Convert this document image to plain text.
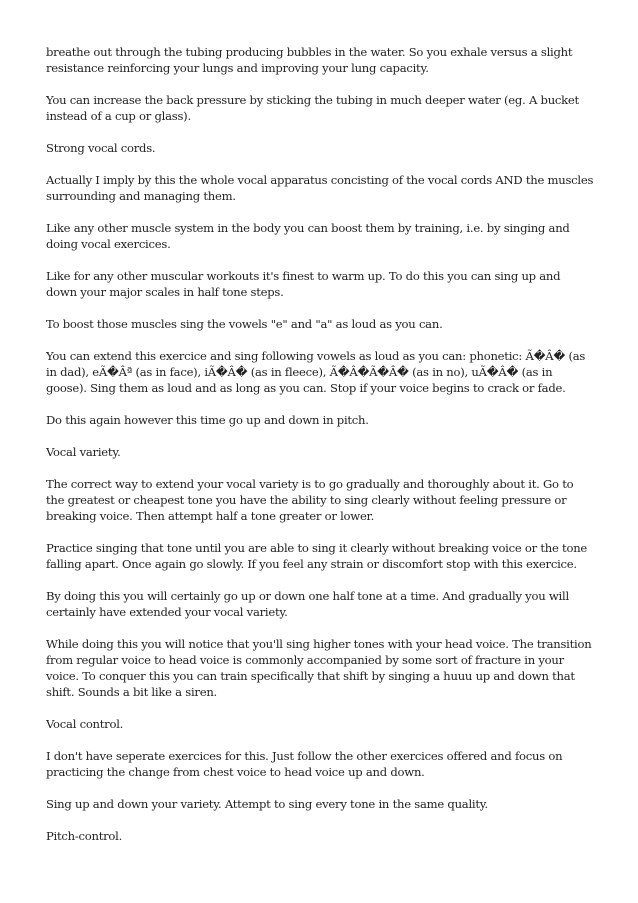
breathe out through the tubing producing bubbles in the water. So you exhale versus a slight resistance reinforcing your lungs and improving your lung capacity.

You can increase the back pressure by sticking the tubing in much deeper water (eg. A bucket instead of a cup or glass).

Strong vocal cords.

Actually I imply by this the whole vocal apparatus concisting of the vocal cords AND the muscles surrounding and managing them.

Like any other muscle system in the body you can boost them by training, i.e. by singing and doing vocal exercices.

Like for any other muscular workouts it's finest to warm up. To do this you can sing up and down your major scales in half tone steps.

To boost those muscles sing the vowels "e" and "a" as loud as you can.

You can extend this exercice and sing following vowels as loud as you can: phonetic: Ã�Â� (as in dad), eÃ�Âª (as in face), iÃ�Â� (as in fleece), Ã�Â�Ã�Â� (as in no), uÃ�Â� (as in goose). Sing them as loud and as long as you can. Stop if your voice begins to crack or fade.

Do this again however this time go up and down in pitch.

Vocal variety.

The correct way to extend your vocal variety is to go gradually and thoroughly about it. Go to the greatest or cheapest tone you have the ability to sing clearly without feeling pressure or breaking voice. Then attempt half a tone greater or lower.

Practice singing that tone until you are able to sing it clearly without breaking voice or the tone falling apart. Once again go slowly. If you feel any strain or discomfort stop with this exercice.

By doing this you will certainly go up or down one half tone at a time. And gradually you will certainly have extended your vocal variety.

While doing this you will notice that you'll sing higher tones with your head voice. The transition from regular voice to head voice is commonly accompanied by some sort of fracture in your voice. To conquer this you can train specifically that shift by singing a huuu up and down that shift. Sounds a bit like a siren.

Vocal control.

I don't have seperate exercices for this. Just follow the other exercices offered and focus on practicing the change from chest voice to head voice up and down.

Sing up and down your variety. Attempt to sing every tone in the same quality.

Pitch-control.
